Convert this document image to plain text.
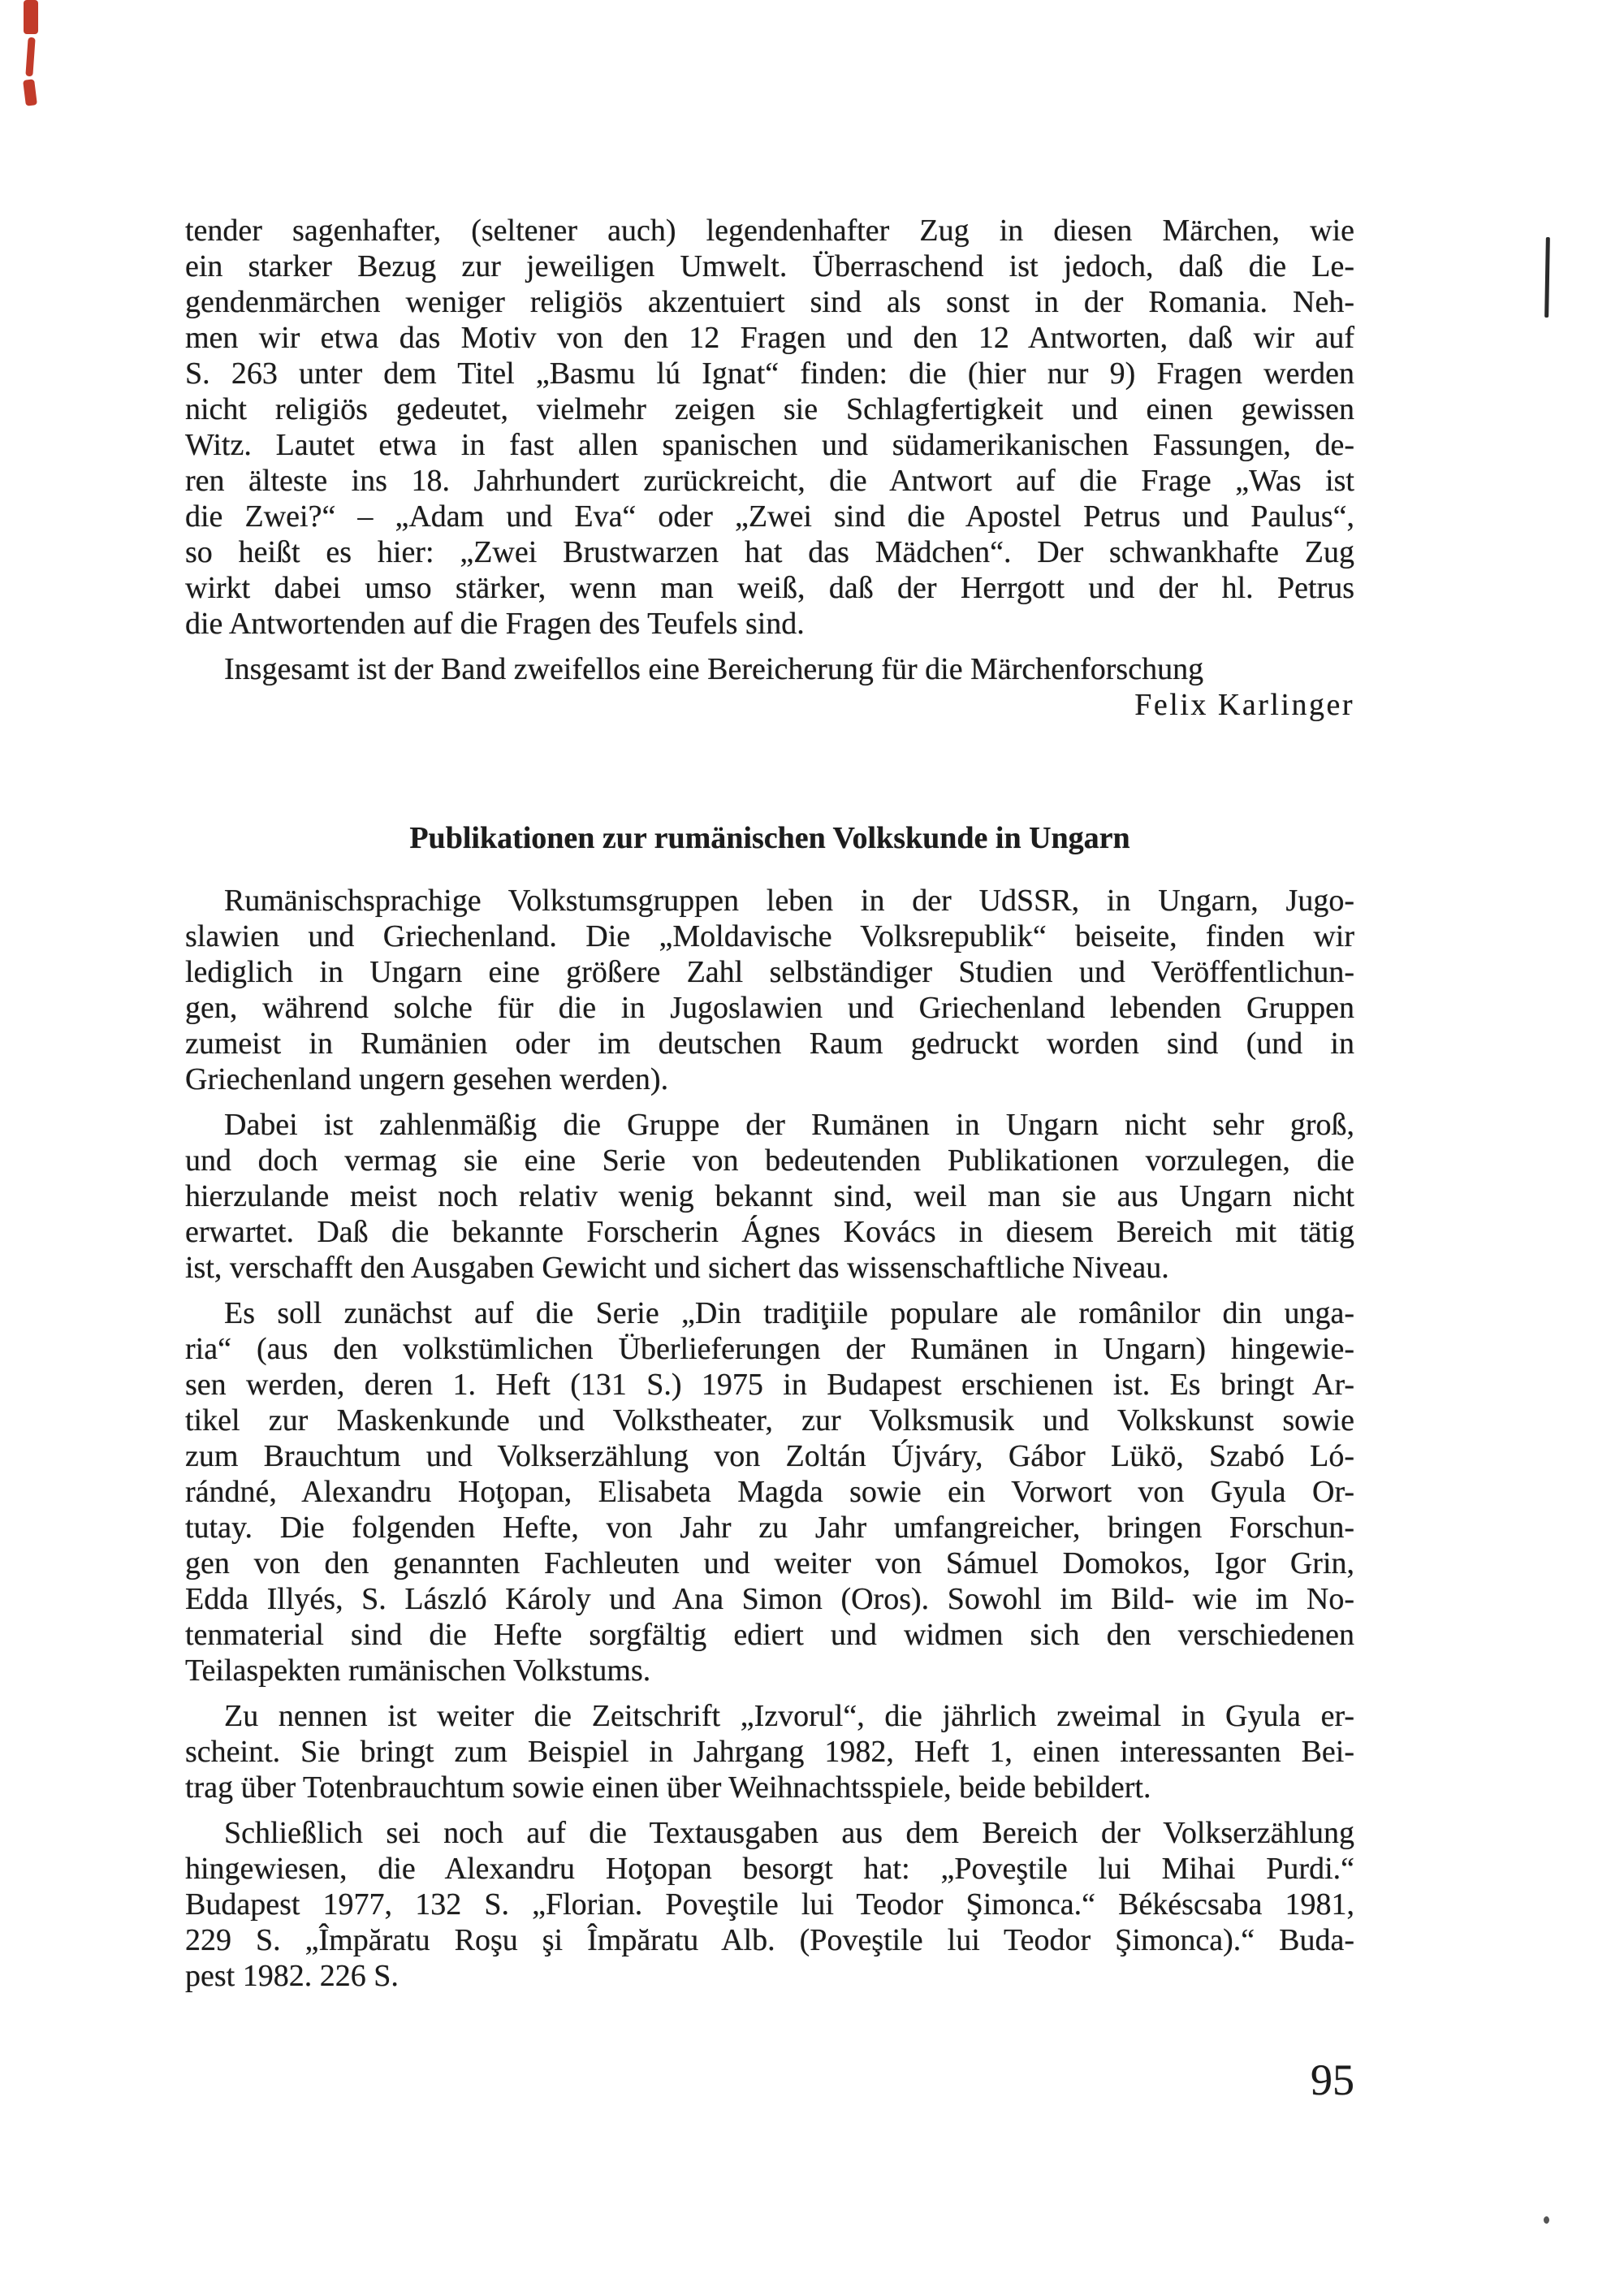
tender sagenhafter, (seltener auch) legendenhafter Zug in diesen Märchen, wie
ein starker Bezug zur jeweiligen Umwelt. Überraschend ist jedoch, daß die Le-
gendenmärchen weniger religiös akzentuiert sind als sonst in der Romania. Neh-
men wir etwa das Motiv von den 12 Fragen und den 12 Antworten, daß wir auf
S. 263 unter dem Titel „Basmu lú Ignat“ finden: die (hier nur 9) Fragen werden
nicht religiös gedeutet, vielmehr zeigen sie Schlagfertigkeit und einen gewissen
Witz. Lautet etwa in fast allen spanischen und südamerikanischen Fassungen, de-
ren älteste ins 18. Jahrhundert zurückreicht, die Antwort auf die Frage „Was ist
die Zwei?“ – „Adam und Eva“ oder „Zwei sind die Apostel Petrus und Paulus“,
so heißt es hier: „Zwei Brustwarzen hat das Mädchen“. Der schwankhafte Zug
wirkt dabei umso stärker, wenn man weiß, daß der Herrgott und der hl. Petrus
die Antwortenden auf die Fragen des Teufels sind.
Insgesamt ist der Band zweifellos eine Bereicherung für die Märchenforschung
Felix Karlinger
Publikationen zur rumänischen Volkskunde in Ungarn
Rumänischsprachige Volkstumsgruppen leben in der UdSSR, in Ungarn, Jugo-
slawien und Griechenland. Die „Moldavische Volksrepublik“ beiseite, finden wir
lediglich in Ungarn eine größere Zahl selbständiger Studien und Veröffentlichun-
gen, während solche für die in Jugoslawien und Griechenland lebenden Gruppen
zumeist in Rumänien oder im deutschen Raum gedruckt worden sind (und in
Griechenland ungern gesehen werden).
Dabei ist zahlenmäßig die Gruppe der Rumänen in Ungarn nicht sehr groß,
und doch vermag sie eine Serie von bedeutenden Publikationen vorzulegen, die
hierzulande meist noch relativ wenig bekannt sind, weil man sie aus Ungarn nicht
erwartet. Daß die bekannte Forscherin Ágnes Kovács in diesem Bereich mit tätig
ist, verschafft den Ausgaben Gewicht und sichert das wissenschaftliche Niveau.
Es soll zunächst auf die Serie „Din tradiţiile populare ale românilor din unga-
ria“ (aus den volkstümlichen Überlieferungen der Rumänen in Ungarn) hingewie-
sen werden, deren 1. Heft (131 S.) 1975 in Budapest erschienen ist. Es bringt Ar-
tikel zur Maskenkunde und Volkstheater, zur Volksmusik und Volkskunst sowie
zum Brauchtum und Volkserzählung von Zoltán Újváry, Gábor Lükö, Szabó Ló-
rándné, Alexandru Hoţopan, Elisabeta Magda sowie ein Vorwort von Gyula Or-
tutay. Die folgenden Hefte, von Jahr zu Jahr umfangreicher, bringen Forschun-
gen von den genannten Fachleuten und weiter von Sámuel Domokos, Igor Grin,
Edda Illyés, S. László Károly und Ana Simon (Oros). Sowohl im Bild- wie im No-
tenmaterial sind die Hefte sorgfältig ediert und widmen sich den verschiedenen
Teilaspekten rumänischen Volkstums.
Zu nennen ist weiter die Zeitschrift „Izvorul“, die jährlich zweimal in Gyula er-
scheint. Sie bringt zum Beispiel in Jahrgang 1982, Heft 1, einen interessanten Bei-
trag über Totenbrauchtum sowie einen über Weihnachtsspiele, beide bebildert.
Schließlich sei noch auf die Textausgaben aus dem Bereich der Volkserzählung
hingewiesen, die Alexandru Hoţopan besorgt hat: „Poveştile lui Mihai Purdi.“
Budapest 1977, 132 S. „Florian. Poveştile lui Teodor Şimonca.“ Békéscsaba 1981,
229 S. „Împăratu Roşu şi Împăratu Alb. (Poveştile lui Teodor Şimonca).“ Buda-
pest 1982. 226 S.
95
